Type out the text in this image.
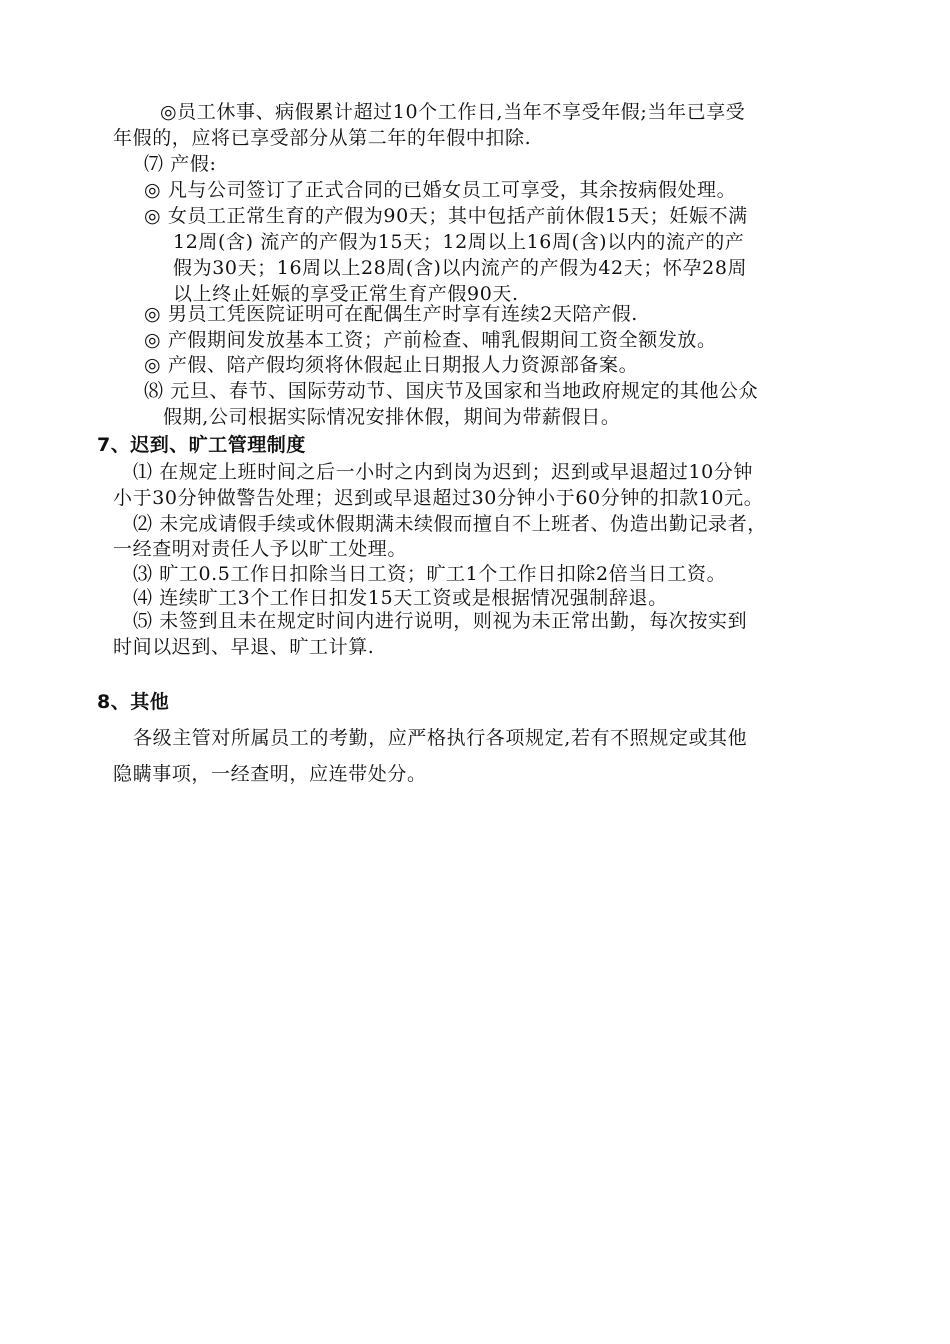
◎员工休事、病假累计超过10个工作日,当年不享受年假;当年已享受
年假的，应将已享受部分从第二年的年假中扣除.
⑺ 产假:
◎ 凡与公司签订了正式合同的已婚女员工可享受，其余按病假处理。
◎ 女员工正常生育的产假为90天；其中包括产前休假15天；妊娠不满
12周(含) 流产的产假为15天；12周以上16周(含)以内的流产的产
假为30天；16周以上28周(含)以内流产的产假为42天；怀孕28周
以上终止妊娠的享受正常生育产假90天.
◎ 男员工凭医院证明可在配偶生产时享有连续2天陪产假.
◎ 产假期间发放基本工资；产前检查、哺乳假期间工资全额发放。
◎ 产假、陪产假均须将休假起止日期报人力资源部备案。
⑻ 元旦、春节、国际劳动节、国庆节及国家和当地政府规定的其他公众
假期,公司根据实际情况安排休假，期间为带薪假日。
7、迟到、旷工管理制度
⑴ 在规定上班时间之后一小时之内到岗为迟到；迟到或早退超过10分钟
小于30分钟做警告处理；迟到或早退超过30分钟小于60分钟的扣款10元。
⑵ 未完成请假手续或休假期满未续假而擅自不上班者、伪造出勤记录者，
一经查明对责任人予以旷工处理。
⑶ 旷工0.5工作日扣除当日工资；旷工1个工作日扣除2倍当日工资。
⑷ 连续旷工3个工作日扣发15天工资或是根据情况强制辞退。
⑸ 未签到且未在规定时间内进行说明，则视为未正常出勤，每次按实到
时间以迟到、早退、旷工计算.
8、其他
各级主管对所属员工的考勤，应严格执行各项规定,若有不照规定或其他
隐瞒事项，一经查明，应连带处分。
